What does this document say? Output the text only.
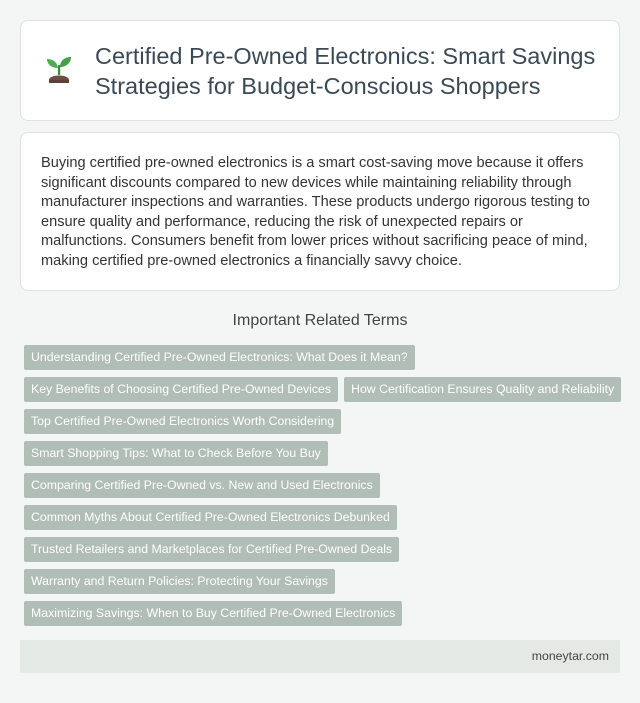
Certified Pre-Owned Electronics: Smart Savings Strategies for Budget-Conscious Shoppers

Buying certified pre-owned electronics is a smart cost-saving move because it offers significant discounts compared to new devices while maintaining reliability through manufacturer inspections and warranties. These products undergo rigorous testing to ensure quality and performance, reducing the risk of unexpected repairs or malfunctions. Consumers benefit from lower prices without sacrificing peace of mind, making certified pre-owned electronics a financially savvy choice.

Important Related Terms
Understanding Certified Pre-Owned Electronics: What Does it Mean?
Key Benefits of Choosing Certified Pre-Owned Devices	How Certification Ensures Quality and Reliability
Top Certified Pre-Owned Electronics Worth Considering
Smart Shopping Tips: What to Check Before You Buy
Comparing Certified Pre-Owned vs. New and Used Electronics
Common Myths About Certified Pre-Owned Electronics Debunked
Trusted Retailers and Marketplaces for Certified Pre-Owned Deals
Warranty and Return Policies: Protecting Your Savings
Maximizing Savings: When to Buy Certified Pre-Owned Electronics
moneytar.com
